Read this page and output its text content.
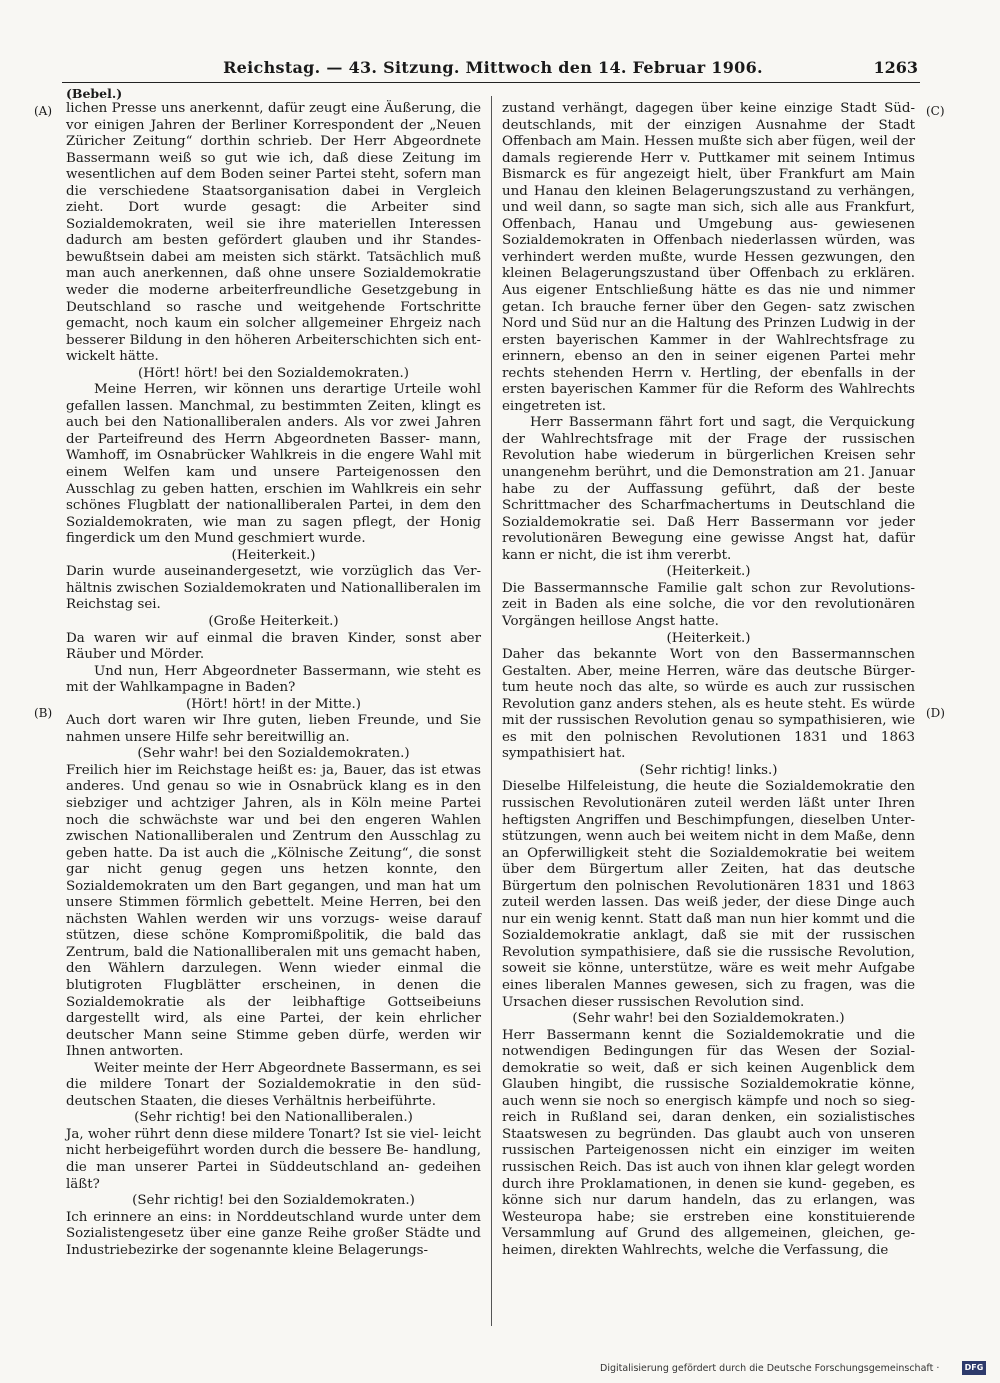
Reichstag. — 43. Sitzung. Mittwoch den 14. Februar 1906.	1263
(Bebel.)
(A)
(B)
(C)
(D)

lichen Presse uns anerkennt, dafür zeugt eine Äußerung, die vor einigen Jahren der Berliner Korrespondent der „Neuen Züricher Zeitung“ dorthin schrieb. Der Herr Abgeordnete Bassermann weiß so gut wie ich, daß diese Zeitung im wesentlichen auf dem Boden seiner Partei steht, sofern man die verschiedene Staatsorganisation dabei in Vergleich zieht. Dort wurde gesagt: die Arbeiter sind Sozialdemokraten, weil sie ihre materiellen Interessen dadurch am besten gefördert glauben und ihr Standes- bewußtsein dabei am meisten sich stärkt. Tatsächlich muß man auch anerkennen, daß ohne unsere Sozialdemokratie weder die moderne arbeiterfreundliche Gesetzgebung in Deutschland so rasche und weitgehende Fortschritte gemacht, noch kaum ein solcher allgemeiner Ehrgeiz nach besserer Bildung in den höheren Arbeiterschichten sich ent- wickelt hätte.

(Hört! hört! bei den Sozialdemokraten.)

Meine Herren, wir können uns derartige Urteile wohl gefallen lassen. Manchmal, zu bestimmten Zeiten, klingt es auch bei den Nationalliberalen anders. Als vor zwei Jahren der Parteifreund des Herrn Abgeordneten Basser- mann, Wamhoff, im Osnabrücker Wahlkreis in die engere Wahl mit einem Welfen kam und unsere Parteigenossen den Ausschlag zu geben hatten, erschien im Wahlkreis ein sehr schönes Flugblatt der nationalliberalen Partei, in dem den Sozialdemokraten, wie man zu sagen pflegt, der Honig fingerdick um den Mund geschmiert wurde.

(Heiterkeit.)

Darin wurde auseinandergesetzt, wie vorzüglich das Ver- hältnis zwischen Sozialdemokraten und Nationalliberalen im Reichstag sei.

(Große Heiterkeit.)

Da waren wir auf einmal die braven Kinder, sonst aber Räuber und Mörder.

Und nun, Herr Abgeordneter Bassermann, wie steht es mit der Wahlkampagne in Baden?

(Hört! hört! in der Mitte.)

Auch dort waren wir Ihre guten, lieben Freunde, und Sie nahmen unsere Hilfe sehr bereitwillig an.

(Sehr wahr! bei den Sozialdemokraten.)

Freilich hier im Reichstage heißt es: ja, Bauer, das ist etwas anderes. Und genau so wie in Osnabrück klang es in den siebziger und achtziger Jahren, als in Köln meine Partei noch die schwächste war und bei den engeren Wahlen zwischen Nationalliberalen und Zentrum den Ausschlag zu geben hatte. Da ist auch die „Kölnische Zeitung“, die sonst gar nicht genug gegen uns hetzen konnte, den Sozialdemokraten um den Bart gegangen, und man hat um unsere Stimmen förmlich gebettelt. Meine Herren, bei den nächsten Wahlen werden wir uns vorzugs- weise darauf stützen, diese schöne Kompromißpolitik, die bald das Zentrum, bald die Nationalliberalen mit uns gemacht haben, den Wählern darzulegen. Wenn wieder einmal die blutigroten Flugblätter erscheinen, in denen die Sozialdemokratie als der leibhaftige Gottseibeiuns dargestellt wird, als eine Partei, der kein ehrlicher deutscher Mann seine Stimme geben dürfe, werden wir Ihnen antworten.

Weiter meinte der Herr Abgeordnete Bassermann, es sei die mildere Tonart der Sozialdemokratie in den süd- deutschen Staaten, die dieses Verhältnis herbeiführte.

(Sehr richtig! bei den Nationalliberalen.)

Ja, woher rührt denn diese mildere Tonart? Ist sie viel- leicht nicht herbeigeführt worden durch die bessere Be- handlung, die man unserer Partei in Süddeutschland an- gedeihen läßt?

(Sehr richtig! bei den Sozialdemokraten.)

Ich erinnere an eins: in Norddeutschland wurde unter dem Sozialistengesetz über eine ganze Reihe großer Städte und Industriebezirke der sogenannte kleine Belagerungs-

zustand verhängt, dagegen über keine einzige Stadt Süd- deutschlands, mit der einzigen Ausnahme der Stadt Offenbach am Main. Hessen mußte sich aber fügen, weil der damals regierende Herr v. Puttkamer mit seinem Intimus Bismarck es für angezeigt hielt, über Frankfurt am Main und Hanau den kleinen Belagerungszustand zu verhängen, und weil dann, so sagte man sich, sich alle aus Frankfurt, Offenbach, Hanau und Umgebung aus- gewiesenen Sozialdemokraten in Offenbach niederlassen würden, was verhindert werden mußte, wurde Hessen gezwungen, den kleinen Belagerungszustand über Offenbach zu erklären. Aus eigener Entschließung hätte es das nie und nimmer getan. Ich brauche ferner über den Gegen- satz zwischen Nord und Süd nur an die Haltung des Prinzen Ludwig in der ersten bayerischen Kammer in der Wahlrechtsfrage zu erinnern, ebenso an den in seiner eigenen Partei mehr rechts stehenden Herrn v. Hertling, der ebenfalls in der ersten bayerischen Kammer für die Reform des Wahlrechts eingetreten ist.

Herr Bassermann fährt fort und sagt, die Verquickung der Wahlrechtsfrage mit der Frage der russischen Revolution habe wiederum in bürgerlichen Kreisen sehr unangenehm berührt, und die Demonstration am 21. Januar habe zu der Auffassung geführt, daß der beste Schrittmacher des Scharfmachertums in Deutschland die Sozialdemokratie sei. Daß Herr Bassermann vor jeder revolutionären Bewegung eine gewisse Angst hat, dafür kann er nicht, die ist ihm vererbt.

(Heiterkeit.)

Die Bassermannsche Familie galt schon zur Revolutions- zeit in Baden als eine solche, die vor den revolutionären Vorgängen heillose Angst hatte.

(Heiterkeit.)

Daher das bekannte Wort von den Bassermannschen Gestalten. Aber, meine Herren, wäre das deutsche Bürger- tum heute noch das alte, so würde es auch zur russischen Revolution ganz anders stehen, als es heute steht. Es würde mit der russischen Revolution genau so sympathisieren, wie es mit den polnischen Revolutionen 1831 und 1863 sympathisiert hat.

(Sehr richtig! links.)

Dieselbe Hilfeleistung, die heute die Sozialdemokratie den russischen Revolutionären zuteil werden läßt unter Ihren heftigsten Angriffen und Beschimpfungen, dieselben Unter- stützungen, wenn auch bei weitem nicht in dem Maße, denn an Opferwilligkeit steht die Sozialdemokratie bei weitem über dem Bürgertum aller Zeiten, hat das deutsche Bürgertum den polnischen Revolutionären 1831 und 1863 zuteil werden lassen. Das weiß jeder, der diese Dinge auch nur ein wenig kennt. Statt daß man nun hier kommt und die Sozialdemokratie anklagt, daß sie mit der russischen Revolution sympathisiere, daß sie die russische Revolution, soweit sie könne, unterstütze, wäre es weit mehr Aufgabe eines liberalen Mannes gewesen, sich zu fragen, was die Ursachen dieser russischen Revolution sind.

(Sehr wahr! bei den Sozialdemokraten.)

Herr Bassermann kennt die Sozialdemokratie und die notwendigen Bedingungen für das Wesen der Sozial- demokratie so weit, daß er sich keinen Augenblick dem Glauben hingibt, die russische Sozialdemokratie könne, auch wenn sie noch so energisch kämpfe und noch so sieg- reich in Rußland sei, daran denken, ein sozialistisches Staatswesen zu begründen. Das glaubt auch von unseren russischen Parteigenossen nicht ein einziger im weiten russischen Reich. Das ist auch von ihnen klar gelegt worden durch ihre Proklamationen, in denen sie kund- gegeben, es könne sich nur darum handeln, das zu erlangen, was Westeuropa habe; sie erstreben eine konstituierende Versammlung auf Grund des allgemeinen, gleichen, ge- heimen, direkten Wahlrechts, welche die Verfassung, die

Digitalisierung gefördert durch die Deutsche Forschungsgemeinschaft ·	DFG
